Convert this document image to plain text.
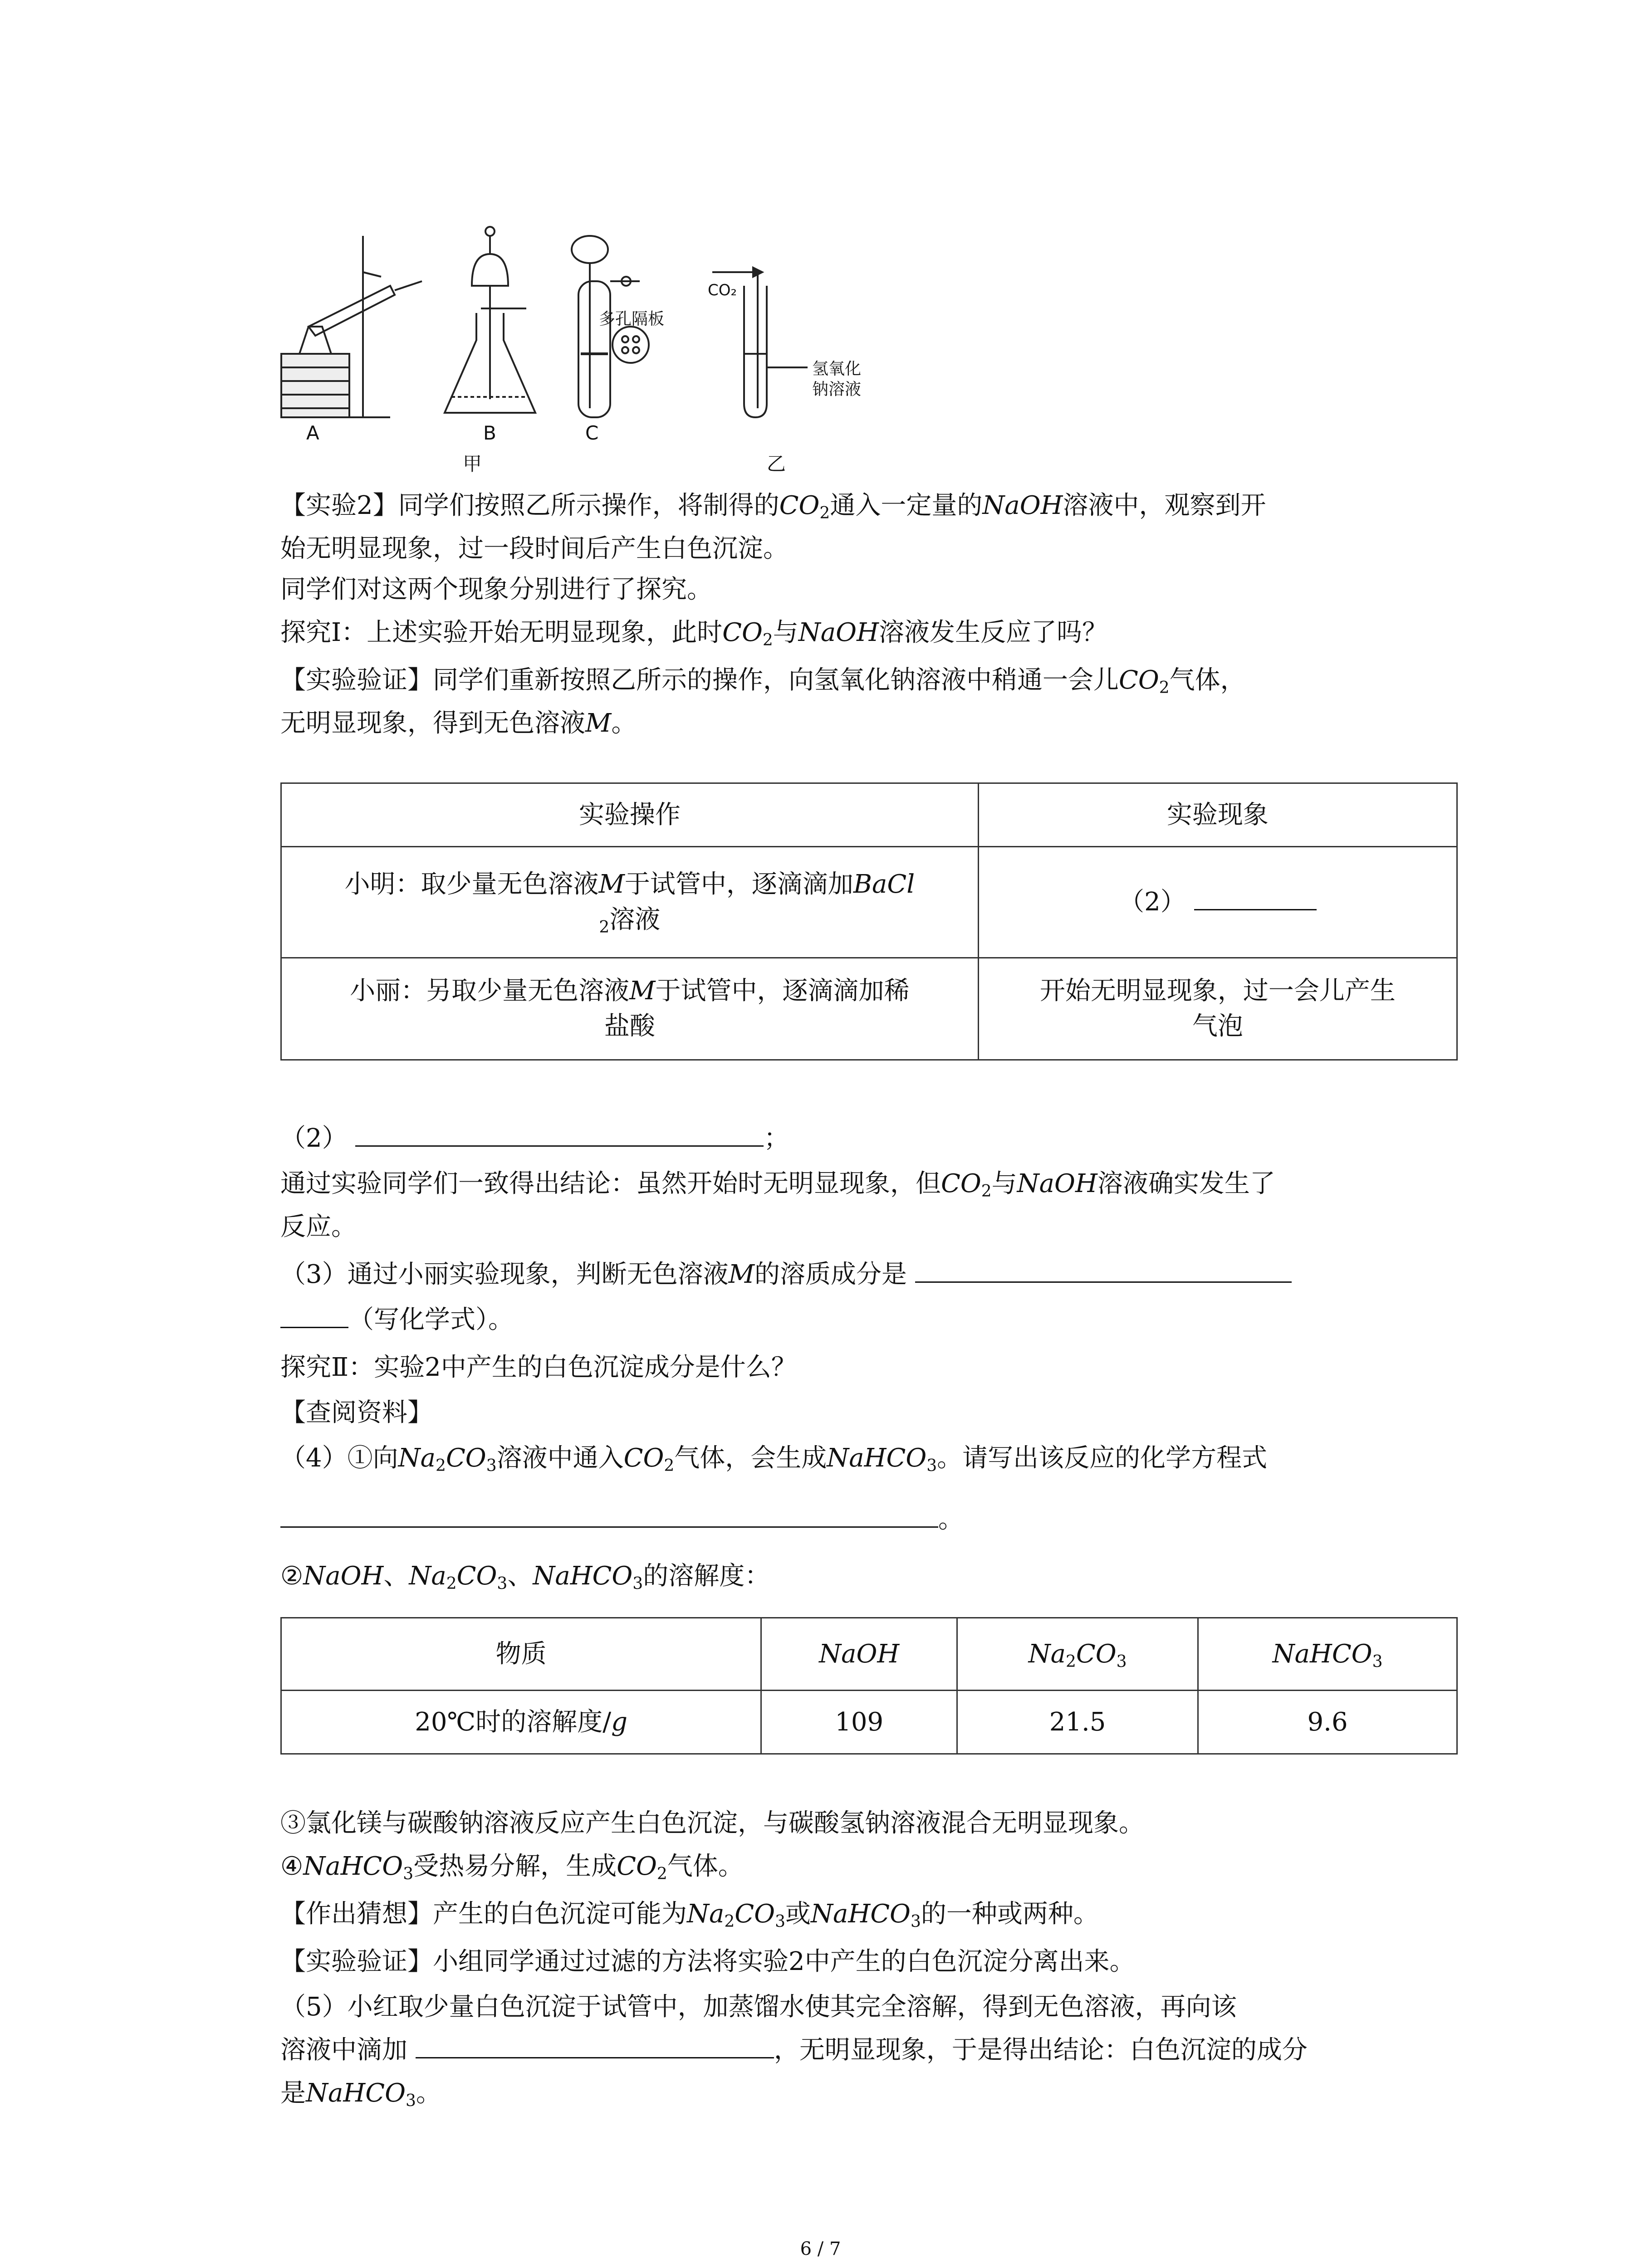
A	B	C
甲	乙
CO₂
多孔隔板
氢氧化
钠溶液
【实验2】同学们按照乙所示操作，将制得的$CO_2$通入一定量的NaOH溶液中，观察到开
始无明显现象，过一段时间后产生白色沉淀。
同学们对这两个现象分别进行了探究。
探究Ⅰ：上述实验开始无明显现象，此时$CO_2$与NaOH溶液发生反应了吗？
【实验验证】同学们重新按照乙所示的操作，向氢氧化钠溶液中稍通一会儿$CO_2$气体，
无明显现象，得到无色溶液M。
实验操作	实验现象
小明：取少量无色溶液M于试管中，逐滴滴加BaCl
$_2$溶液	（2）
小丽：另取少量无色溶液M于试管中，逐滴滴加稀
盐酸	开始无明显现象，过一会儿产生
气泡
（2）	；
通过实验同学们一致得出结论：虽然开始时无明显现象，但$CO_2$与NaOH溶液确实发生了
反应。
（3）通过小丽实验现象，判断无色溶液M的溶质成分是
（写化学式）。
探究Ⅱ：实验2中产生的白色沉淀成分是什么？
【查阅资料】
（4）①向$Na_2CO_3$溶液中通入$CO_2$气体，会生成NaHCO$_3$。请写出该反应的化学方程式
。
②NaOH、$Na_2CO_3$、NaHCO$_3$的溶解度：
物质	NaOH	$Na_2CO_3$	NaHCO$_3$
20℃时的溶解度/g	109	21.5	9.6
③氯化镁与碳酸钠溶液反应产生白色沉淀，与碳酸氢钠溶液混合无明显现象。
④NaHCO$_3$受热易分解，生成$CO_2$气体。
【作出猜想】产生的白色沉淀可能为$Na_2CO_3$或NaHCO$_3$的一种或两种。
【实验验证】小组同学通过过滤的方法将实验2中产生的白色沉淀分离出来。
（5）小红取少量白色沉淀于试管中，加蒸馏水使其完全溶解，得到无色溶液，再向该
溶液中滴加	，无明显现象，于是得出结论：白色沉淀的成分
是NaHCO$_3$。
6 / 7
